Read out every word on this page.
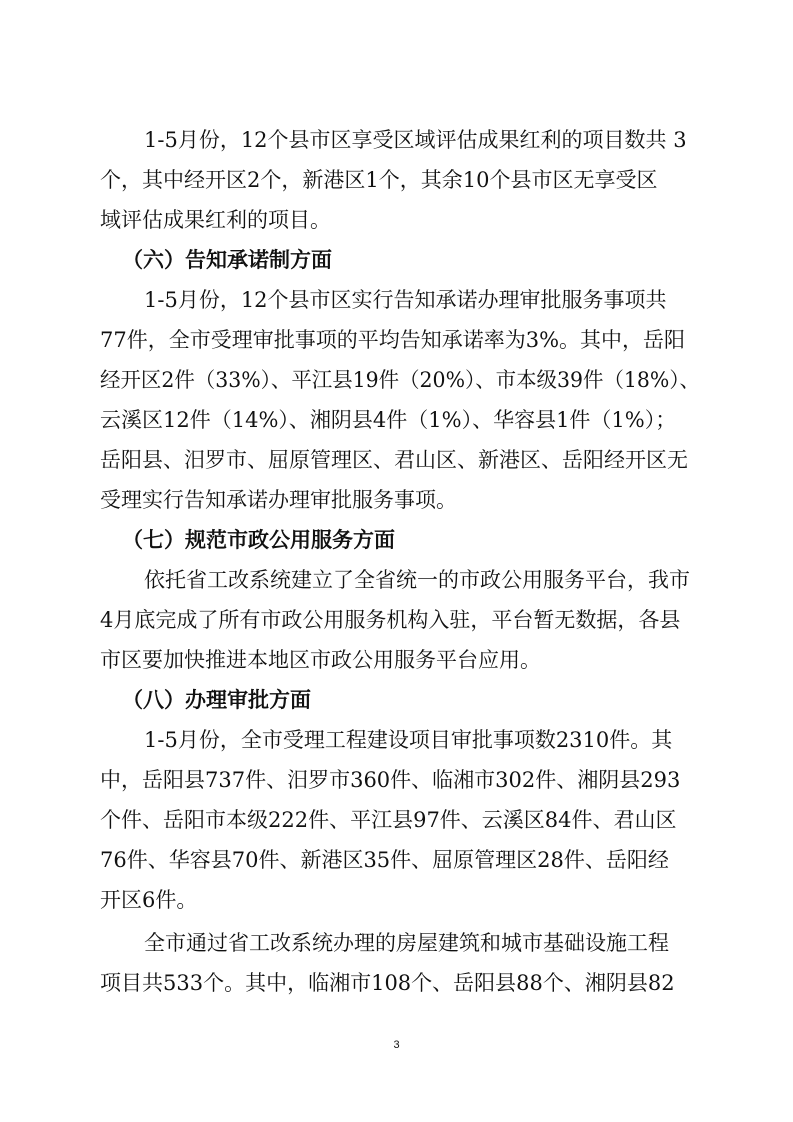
1-5月份，12个县市区享受区域评估成果红利的项目数共 3
个，其中经开区2个，新港区1个，其余10个县市区无享受区
域评估成果红利的项目。
（六）告知承诺制方面
1-5月份，12个县市区实行告知承诺办理审批服务事项共
77件，全市受理审批事项的平均告知承诺率为3%。其中，岳阳
经开区2件（33%）、平江县19件（20%）、市本级39件（18%）、
云溪区12件（14%）、湘阴县4件（1%）、华容县1件（1%）；
岳阳县、汨罗市、屈原管理区、君山区、新港区、岳阳经开区无
受理实行告知承诺办理审批服务事项。
（七）规范市政公用服务方面
依托省工改系统建立了全省统一的市政公用服务平台，我市
4月底完成了所有市政公用服务机构入驻，平台暂无数据，各县
市区要加快推进本地区市政公用服务平台应用。
（八）办理审批方面
1-5月份，全市受理工程建设项目审批事项数2310件。其
中，岳阳县737件、汨罗市360件、临湘市302件、湘阴县293
个件、岳阳市本级222件、平江县97件、云溪区84件、君山区
76件、华容县70件、新港区35件、屈原管理区28件、岳阳经
开区6件。
全市通过省工改系统办理的房屋建筑和城市基础设施工程
项目共533个。其中，临湘市108个、岳阳县88个、湘阴县82
3
